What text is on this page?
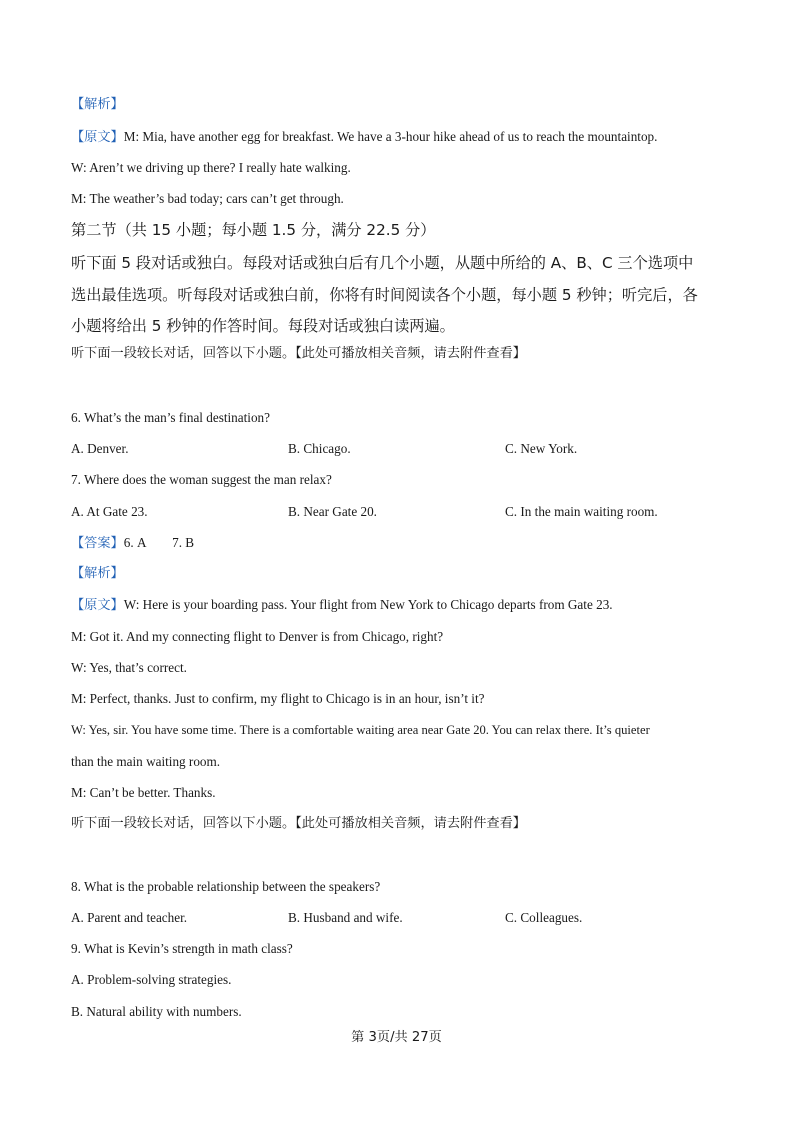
【解析】
【原文】M: Mia, have another egg for breakfast. We have a 3-hour hike ahead of us to reach the mountaintop.
W: Aren’t we driving up there? I really hate walking.
M: The weather’s bad today; cars can’t get through.
第二节（共 15 小题；每小题 1.5 分，满分 22.5 分）
听下面 5 段对话或独白。每段对话或独白后有几个小题，从题中所给的 A、B、C 三个选项中
选出最佳选项。听每段对话或独白前，你将有时间阅读各个小题，每小题 5 秒钟；听完后，各
小题将给出 5 秒钟的作答时间。每段对话或独白读两遍。
听下面一段较长对话，回答以下小题。【此处可播放相关音频，请去附件查看】
6. What’s the man’s final destination?
A. Denver.	B. Chicago.	C. New York.
7. Where does the woman suggest the man relax?
A. At Gate 23.	B. Near Gate 20.	C. In the main waiting room.
【答案】6. A        7. B
【解析】
【原文】W: Here is your boarding pass. Your flight from New York to Chicago departs from Gate 23.
M: Got it. And my connecting flight to Denver is from Chicago, right?
W: Yes, that’s correct.
M: Perfect, thanks. Just to confirm, my flight to Chicago is in an hour, isn’t it?
W: Yes, sir. You have some time. There is a comfortable waiting area near Gate 20. You can relax there. It’s quieter
than the main waiting room.
M: Can’t be better. Thanks.
听下面一段较长对话，回答以下小题。【此处可播放相关音频，请去附件查看】
8. What is the probable relationship between the speakers?
A. Parent and teacher.	B. Husband and wife.	C. Colleagues.
9. What is Kevin’s strength in math class?
A. Problem-solving strategies.
B. Natural ability with numbers.
第 3页/共 27页
